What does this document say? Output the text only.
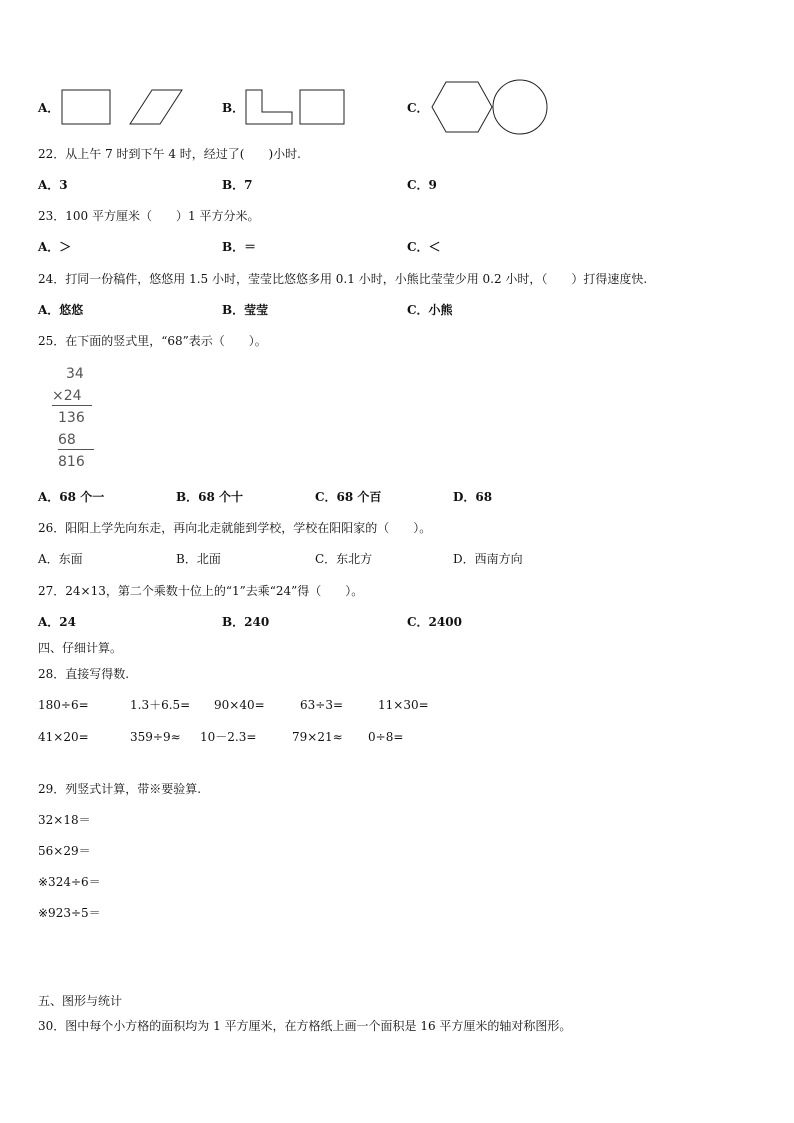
A．	B．	C．
22．从上午 7 时到下午 4 时，经过了(　　)小时.
A．3	B．7	C．9
23．100 平方厘米（　　）1 平方分米。
A．＞	B．＝	C．＜
24．打同一份稿件，悠悠用 1.5 小时，莹莹比悠悠多用 0.1 小时，小熊比莹莹少用 0.2 小时，（　　）打得速度快.
A．悠悠	B．莹莹	C．小熊
25．在下面的竖式里，“68”表示（　　）。
34
×24
136
68
816
A．68 个一	B．68 个十	C．68 个百	D．68
26．阳阳上学先向东走，再向北走就能到学校，学校在阳阳家的（　　）。
A．东面	B．北面	C．东北方	D．西南方向
27．24×13，第二个乘数十位上的“1”去乘“24”得（　　）。
A．24	B．240	C．2400
四、仔细计算。
28．直接写得数.
180÷6=	1.3＋6.5= 90×40=	63÷3=	11×30=
41×20=	359÷9≈ 10－2.3=	79×21≈ 0÷8=
29．列竖式计算，带※要验算.
32×18＝
56×29＝
※324÷6＝
※923÷5＝
五、图形与统计
30．图中每个小方格的面积均为 1 平方厘米，在方格纸上画一个面积是 16 平方厘米的轴对称图形。
